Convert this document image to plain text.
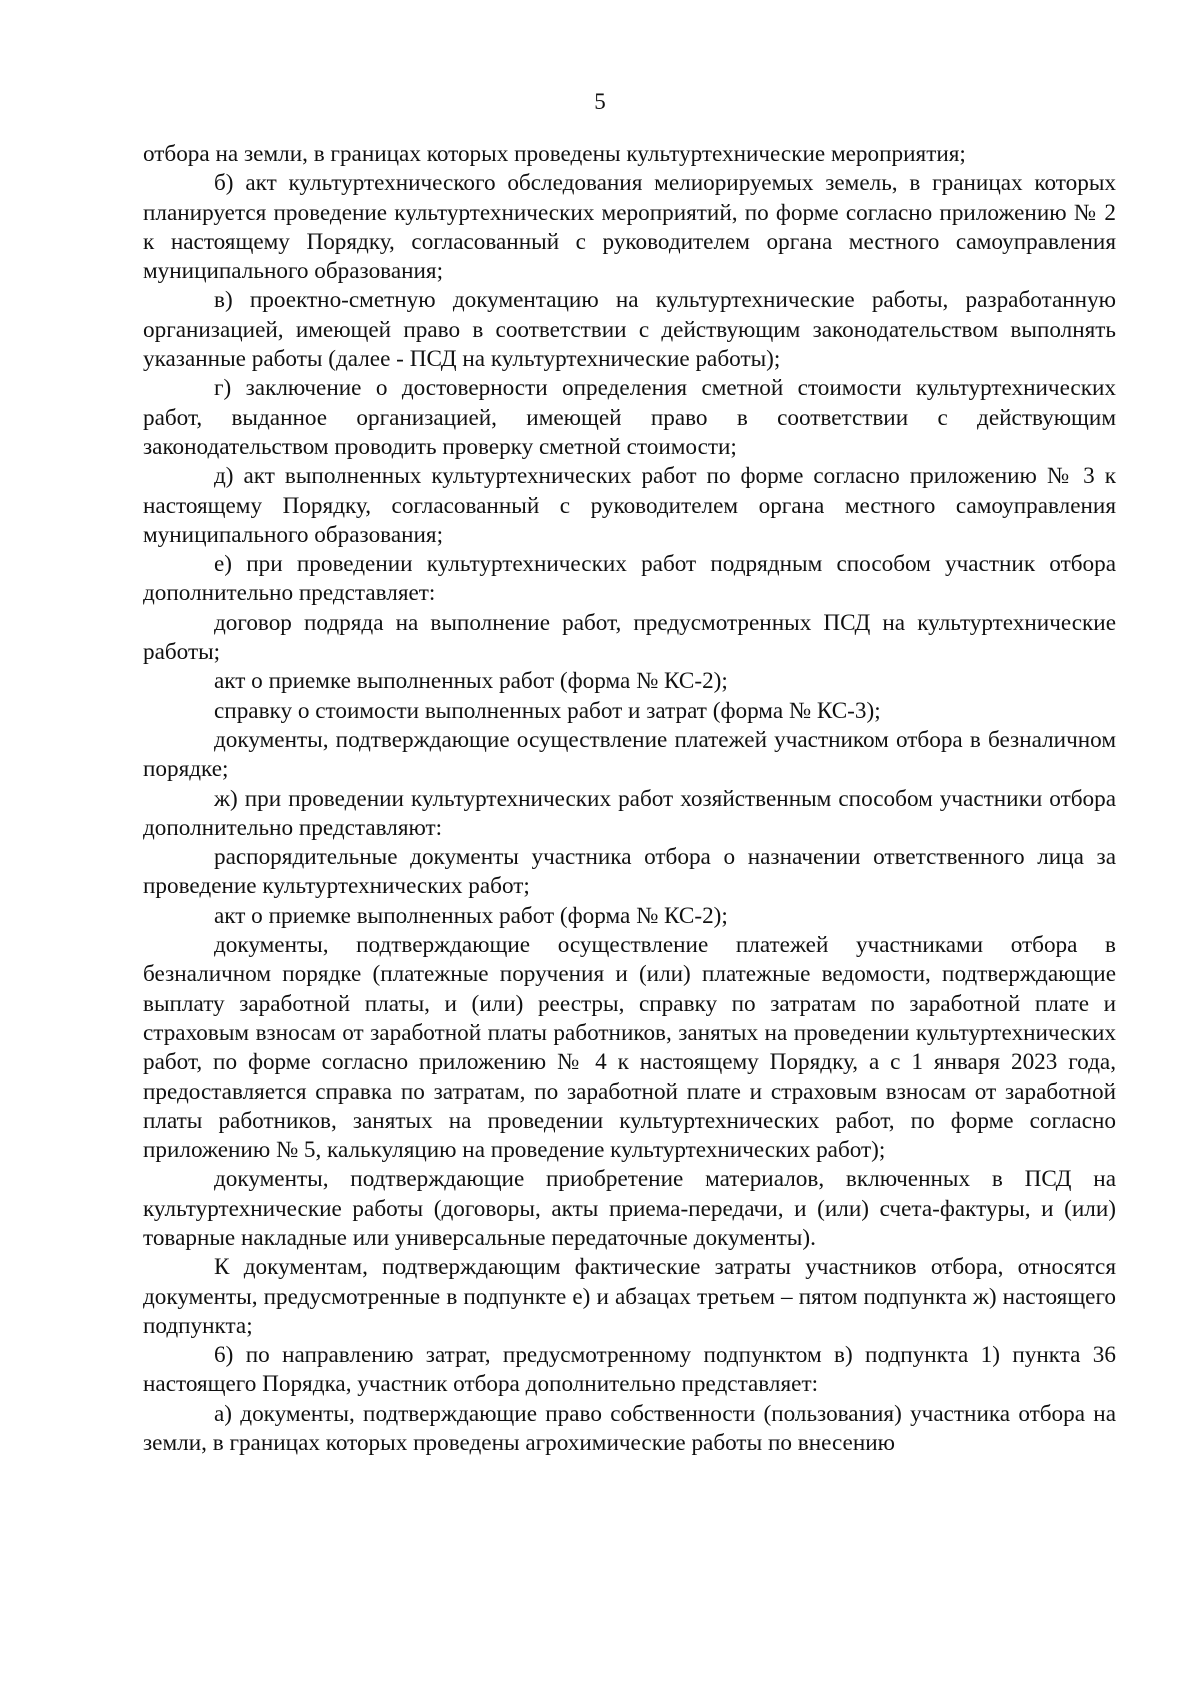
5

отбора на земли, в границах которых проведены культуртехнические мероприятия;

б) акт культуртехнического обследования мелиорируемых земель, в границах которых планируется проведение культуртехнических мероприятий, по форме согласно приложению № 2 к настоящему Порядку, согласованный с руководителем органа местного самоуправления муниципального образования;

в) проектно-сметную документацию на культуртехнические работы, разработанную организацией, имеющей право в соответствии с действующим законодательством выполнять указанные работы (далее - ПСД на культуртехнические работы);

г) заключение о достоверности определения сметной стоимости культуртехнических работ, выданное организацией, имеющей право в соответствии с действующим законодательством проводить проверку сметной стоимости;

д) акт выполненных культуртехнических работ по форме согласно приложению № 3 к настоящему Порядку, согласованный с руководителем органа местного самоуправления муниципального образования;

е) при проведении культуртехнических работ подрядным способом участник отбора дополнительно представляет:

договор подряда на выполнение работ, предусмотренных ПСД на культуртехнические работы;

акт о приемке выполненных работ (форма № КС-2);

справку о стоимости выполненных работ и затрат (форма № КС-3);

документы, подтверждающие осуществление платежей участником отбора в безналичном порядке;

ж) при проведении культуртехнических работ хозяйственным способом участники отбора дополнительно представляют:

распорядительные документы участника отбора о назначении ответственного лица за проведение культуртехнических работ;

акт о приемке выполненных работ (форма № КС-2);

документы, подтверждающие осуществление платежей участниками отбора в безналичном порядке (платежные поручения и (или) платежные ведомости, подтверждающие выплату заработной платы, и (или) реестры, справку по затратам по заработной плате и страховым взносам от заработной платы работников, занятых на проведении культуртехнических работ, по форме согласно приложению № 4 к настоящему Порядку, а с 1 января 2023 года, предоставляется справка по затратам, по заработной плате и страховым взносам от заработной платы работников, занятых на проведении культуртехнических работ, по форме согласно приложению № 5, калькуляцию на проведение культуртехнических работ);

документы, подтверждающие приобретение материалов, включенных в ПСД на культуртехнические работы (договоры, акты приема-передачи, и (или) счета-фактуры, и (или) товарные накладные или универсальные передаточные документы).

К документам, подтверждающим фактические затраты участников отбора, относятся документы, предусмотренные в подпункте е) и абзацах третьем – пятом подпункта ж) настоящего подпункта;

6) по направлению затрат, предусмотренному подпунктом в) подпункта 1) пункта 36 настоящего Порядка, участник отбора дополнительно представляет:

а) документы, подтверждающие право собственности (пользования) участника отбора на земли, в границах которых проведены агрохимические работы по внесению
